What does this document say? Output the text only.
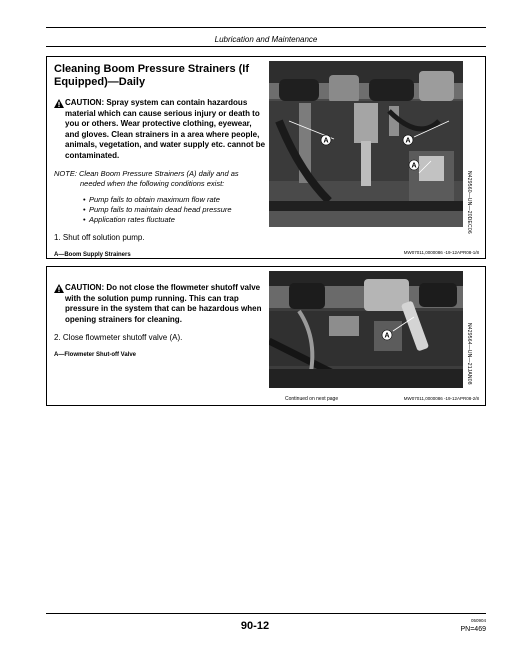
Lubrication and Maintenance

Cleaning Boom Pressure Strainers (If
Equipped)—Daily

CAUTION: Spray system can contain hazardous material which can cause serious injury or death to you or others. Wear protective clothing, eyewear, and gloves. Clean strainers in a area where people, animals, vegetation, and water supply etc. cannot be contaminated.

NOTE: Clean Boom Pressure Strainers (A) daily and as
needed when the following conditions exist:

• Pump fails to obtain maximum flow rate
• Pump fails to maintain dead head pressure
• Application rates fluctuate

1. Shut off solution pump.

A—Boom Supply Strainers

A	A
A
N429560—UN—20DEC06
MW07011,0000086 -19-12APR08-1/8

CAUTION: Do not close the flowmeter shutoff valve with the solution pump running. This can trap pressure in the system that can be hazardous when opening strainers for cleaning.

2. Close flowmeter shutoff valve (A).

A—Flowmeter Shut-off Valve

A	N429564—UN—21JAN08
Continued on next page	MW07011,0000086 -19-12APR08-2/8
90-12	050904
PN=469
